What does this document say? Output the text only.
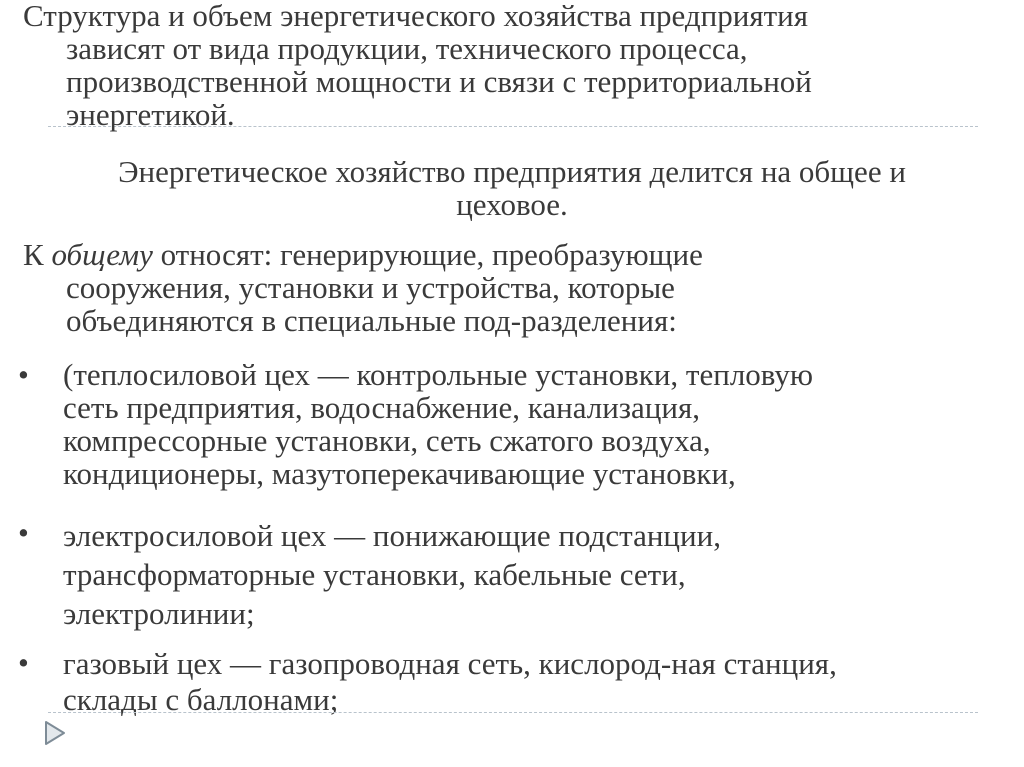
Структура и объем энергетического хозяйства предприятия
зависят от вида продукции, технического процесса,
производственной мощности и связи с территориальной
энергетикой.

Энергетическое хозяйство предприятия делится на общее и
цеховое.

К общему относят: генерирующие, преобразующие
сооружения, установки и устройства, которые
объединяются в специальные под-разделения:

•	(теплосиловой цех — контрольные установки, тепловую
сеть предприятия, водоснабжение, канализация,
компрессорные установки, сеть сжатого воздуха,
кондиционеры, мазутоперекачивающие установки,
•	электросиловой цех — понижающие подстанции,
трансформаторные установки, кабельные сети,
электролинии;
•	газовый цех — газопроводная сеть, кислород-ная станция,
склады с баллонами;
